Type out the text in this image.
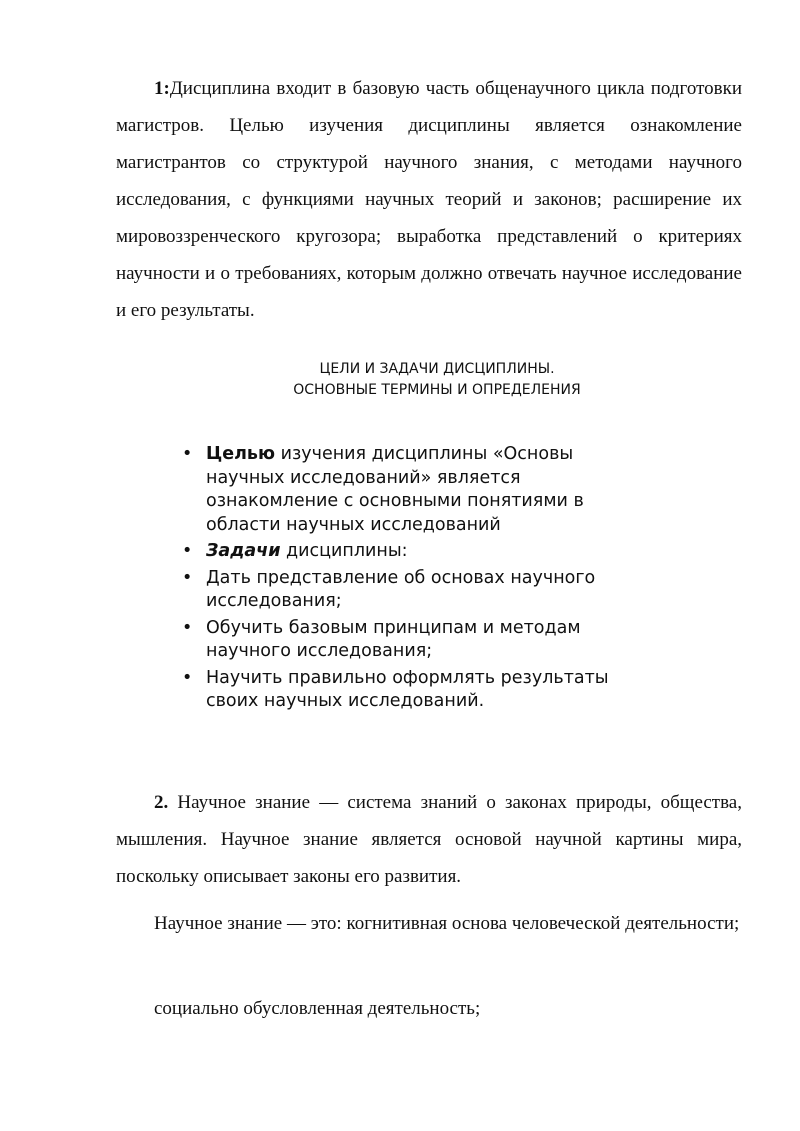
1:Дисциплина входит в базовую часть общенаучного цикла подготовки магистров. Целью изучения дисциплины является ознакомление магистрантов со структурой научного знания, с методами научного исследования, с функциями научных теорий и законов; расширение их мировоззренческого кругозора; выработка представлений о критериях научности и о требованиях, которым должно отвечать научное исследование и его результаты.

ЦЕЛИ И ЗАДАЧИ ДИСЦИПЛИНЫ.
ОСНОВНЫЕ ТЕРМИНЫ И ОПРЕДЕЛЕНИЯ
• Целью изучения дисциплины «Основы научных исследований» является ознакомление с основными понятиями в области научных исследований
• Задачи дисциплины:
• Дать представление об основах научного исследования;
• Обучить базовым принципам и методам научного исследования;
• Научить правильно оформлять результаты своих научных исследований.

2. Научное знание — система знаний о законах природы, общества, мышления. Научное знание является основой научной картины мира, поскольку описывает законы его развития.

Научное знание — это: когнитивная основа человеческой деятельности;

социально обусловленная деятельность;
